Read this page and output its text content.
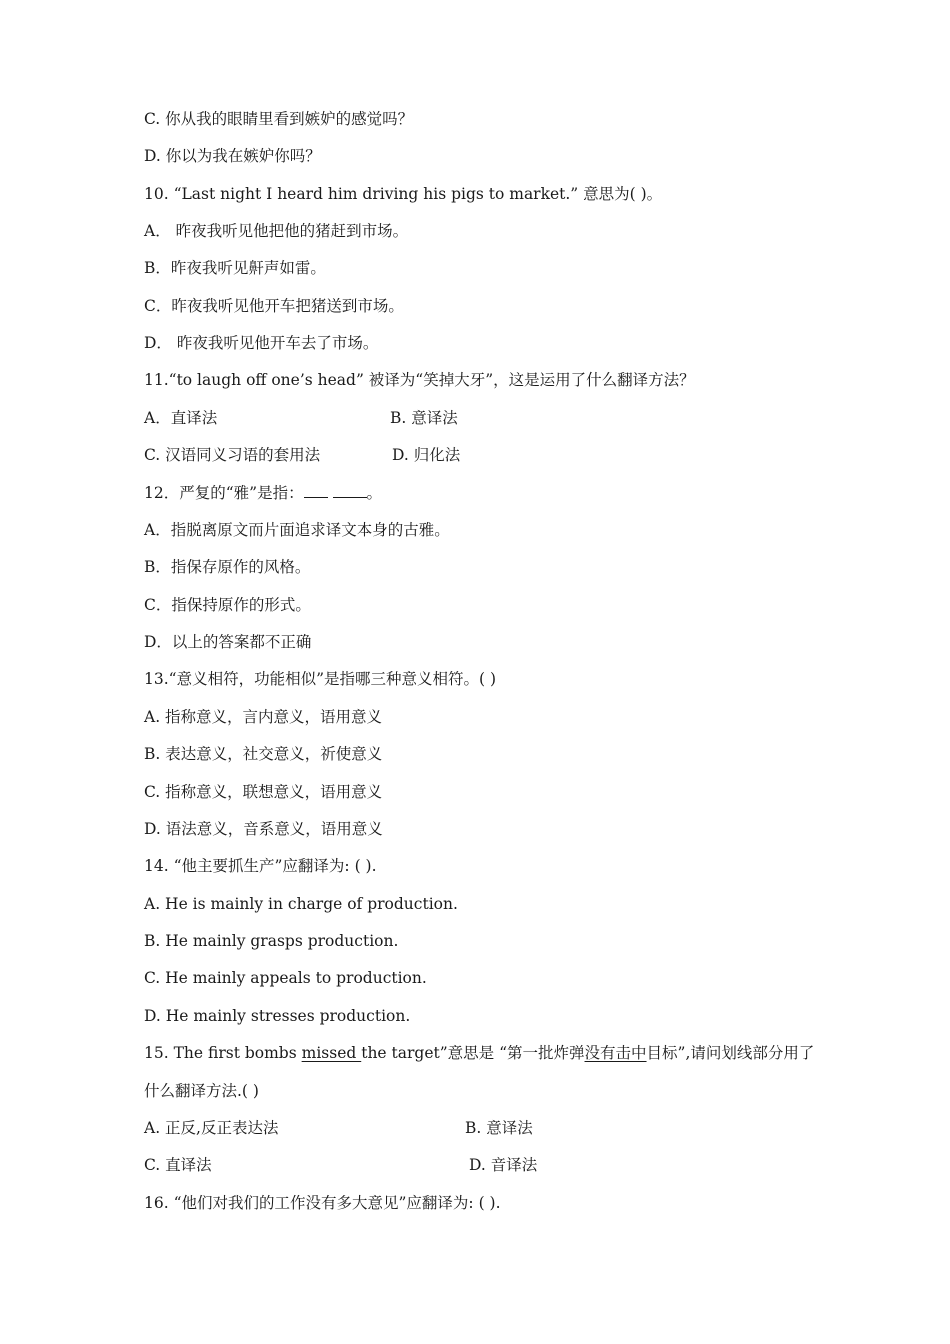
C. 你从我的眼睛里看到嫉妒的感觉吗？
D. 你以为我在嫉妒你吗？
10. “Last night I heard him driving his pigs to market.” 意思为( )。
A． 昨夜我听见他把他的猪赶到市场。
B．昨夜我听见鼾声如雷。
C．昨夜我听见他开车把猪送到市场。
D． 昨夜我听见他开车去了市场。
11.“to laugh off one’s head” 被译为“笑掉大牙”，这是运用了什么翻译方法？
A．直译法	B. 意译法
C. 汉语同义习语的套用法	D. 归化法
12．严复的“雅”是指：	。
A．指脱离原文而片面追求译文本身的古雅。
B．指保存原作的风格。
C．指保持原作的形式。
D．以上的答案都不正确
13.“意义相符，功能相似”是指哪三种意义相符。( )
A. 指称意义，言内意义，语用意义
B. 表达意义，社交意义，祈使意义
C. 指称意义，联想意义，语用意义
D. 语法意义，音系意义，语用意义
14. “他主要抓生产”应翻译为: ( ).
A. He is mainly in charge of production.
B. He mainly grasps production.
C. He mainly appeals to production.
D. He mainly stresses production.
15. The first bombs missed the target”意思是 “第一批炸弹没有击中目标”,请问划线部分用了
什么翻译方法.( )
A. 正反,反正表达法	B. 意译法
C. 直译法	D. 音译法
16. “他们对我们的工作没有多大意见”应翻译为: ( ).
